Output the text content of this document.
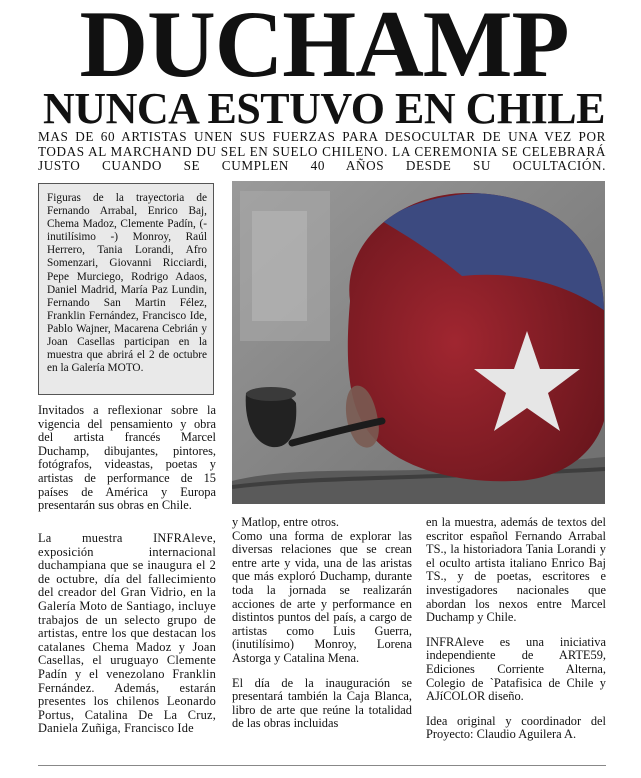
DUCHAMP
NUNCA ESTUVO EN CHILE
MAS DE 60 ARTISTAS UNEN SUS FUERZAS PARA DESOCULTAR DE UNA VEZ POR TODAS AL MARCHAND DU SEL EN SUELO CHILENO. LA CEREMONIA SE CELEBRARÁ JUSTO CUANDO SE CUMPLEN 40 AÑOS DESDE SU OCULTACIÓN.
Figuras de la trayectoria de Fernando Arrabal, Enrico Baj, Chema Madoz, Clemente Padín, (- inutilísimo -) Monroy, Raúl Herrero, Tania Lorandi, Afro Somenzari, Giovanni Ricciardi, Pepe Murciego, Rodrigo Adaos, Daniel Madrid, María Paz Lundin, Fernando San Martin Félez, Franklin Fernández, Francisco Ide, Pablo Wajner, Macarena Cebrián y Joan Casellas participan en la muestra que abrirá el 2 de octubre en la Galería MOTO.

Invitados a reflexionar sobre la vigencia del pensamiento y obra del artista francés Marcel Duchamp, dibujantes, pintores, fotógrafos, videastas, poetas y artistas de performance de 15 países de América y Europa presentarán sus obras en Chile.

La muestra INFRAleve, exposición internacional duchampiana que se inaugura el 2 de octubre, día del fallecimiento del creador del Gran Vidrio, en la Galería Moto de Santiago, incluye trabajos de un selecto grupo de artistas, entre los que destacan los catalanes Chema Madoz y Joan Casellas, el uruguayo Clemente Padín y el venezolano Franklin Fernández. Además, estarán presentes los chilenos Leonardo Portus, Catalina De La Cruz, Daniela Zuñiga, Francisco Ide

y Matlop, entre otros.

Como una forma de explorar las diversas relaciones que se crean entre arte y vida, una de las aristas que más exploró Duchamp, durante toda la jornada se realizarán acciones de arte y performance en distintos puntos del país, a cargo de artistas como Luis Guerra, (inutilísimo) Monroy, Lorena Astorga y Catalina Mena.

El día de la inauguración se presentará también la Caja Blanca, libro de arte que reúne la totalidad de las obras incluidas

en la muestra, además de textos del escritor español Fernando Arrabal TS., la historiadora Tania Lorandi y el oculto artista italiano Enrico Baj TS., y de poetas, escritores e investigadores nacionales que abordan los nexos entre Marcel Duchamp y Chile.

INFRAleve es una iniciativa independiente de ARTE59, Ediciones Corriente Alterna, Colegio de `Patafisica de Chile y AJíCOLOR diseño.

Idea original y coordinador del Proyecto: Claudio Aguilera A.
